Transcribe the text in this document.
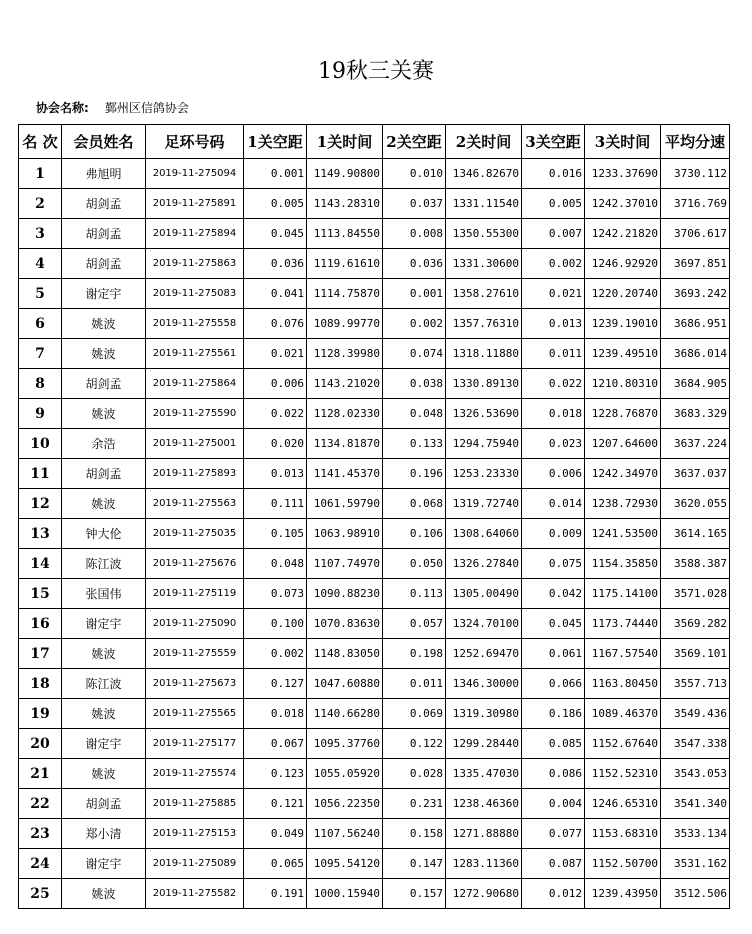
19秋三关赛
协会名称: 鄞州区信鸽协会
名 次	会员姓名	足环号码	1关空距	1关时间	2关空距	2关时间	3关空距	3关时间	平均分速
1	弗旭明	2019-11-275094	0.001	1149.90800	0.010	1346.82670	0.016	1233.37690	3730.112
2	胡剑孟	2019-11-275891	0.005	1143.28310	0.037	1331.11540	0.005	1242.37010	3716.769
3	胡剑孟	2019-11-275894	0.045	1113.84550	0.008	1350.55300	0.007	1242.21820	3706.617
4	胡剑孟	2019-11-275863	0.036	1119.61610	0.036	1331.30600	0.002	1246.92920	3697.851
5	谢定宇	2019-11-275083	0.041	1114.75870	0.001	1358.27610	0.021	1220.20740	3693.242
6	姚波	2019-11-275558	0.076	1089.99770	0.002	1357.76310	0.013	1239.19010	3686.951
7	姚波	2019-11-275561	0.021	1128.39980	0.074	1318.11880	0.011	1239.49510	3686.014
8	胡剑孟	2019-11-275864	0.006	1143.21020	0.038	1330.89130	0.022	1210.80310	3684.905
9	姚波	2019-11-275590	0.022	1128.02330	0.048	1326.53690	0.018	1228.76870	3683.329
10	余浩	2019-11-275001	0.020	1134.81870	0.133	1294.75940	0.023	1207.64600	3637.224
11	胡剑孟	2019-11-275893	0.013	1141.45370	0.196	1253.23330	0.006	1242.34970	3637.037
12	姚波	2019-11-275563	0.111	1061.59790	0.068	1319.72740	0.014	1238.72930	3620.055
13	钟大伦	2019-11-275035	0.105	1063.98910	0.106	1308.64060	0.009	1241.53500	3614.165
14	陈江波	2019-11-275676	0.048	1107.74970	0.050	1326.27840	0.075	1154.35850	3588.387
15	张国伟	2019-11-275119	0.073	1090.88230	0.113	1305.00490	0.042	1175.14100	3571.028
16	谢定宇	2019-11-275090	0.100	1070.83630	0.057	1324.70100	0.045	1173.74440	3569.282
17	姚波	2019-11-275559	0.002	1148.83050	0.198	1252.69470	0.061	1167.57540	3569.101
18	陈江波	2019-11-275673	0.127	1047.60880	0.011	1346.30000	0.066	1163.80450	3557.713
19	姚波	2019-11-275565	0.018	1140.66280	0.069	1319.30980	0.186	1089.46370	3549.436
20	谢定宇	2019-11-275177	0.067	1095.37760	0.122	1299.28440	0.085	1152.67640	3547.338
21	姚波	2019-11-275574	0.123	1055.05920	0.028	1335.47030	0.086	1152.52310	3543.053
22	胡剑孟	2019-11-275885	0.121	1056.22350	0.231	1238.46360	0.004	1246.65310	3541.340
23	郑小清	2019-11-275153	0.049	1107.56240	0.158	1271.88880	0.077	1153.68310	3533.134
24	谢定宇	2019-11-275089	0.065	1095.54120	0.147	1283.11360	0.087	1152.50700	3531.162
25	姚波	2019-11-275582	0.191	1000.15940	0.157	1272.90680	0.012	1239.43950	3512.506
